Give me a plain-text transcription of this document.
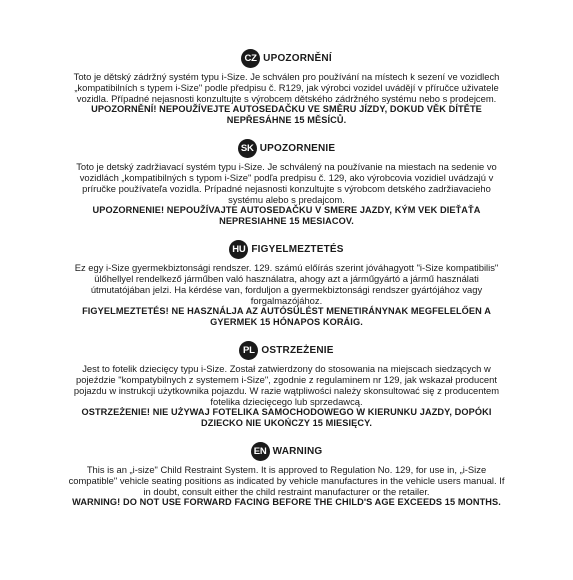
CZ UPOZORNĚNÍ
Toto je dětský zádržný systém typu i-Size. Je schválen pro používání na místech k sezení ve vozidlech „kompatibilních s typem i-Size" podle předpisu č. R129, jak výrobci vozidel uvádějí v příručce uživatele vozidla. Případné nejasnosti konzultujte s výrobcem dětského zádržného systému nebo s prodejcem.
UPOZORNĚNÍ! NEPOUŽÍVEJTE AUTOSEDAČKU VE SMĚRU JÍZDY, DOKUD VĚK DÍTĚTE NEPŘESÁHNE 15 MĚSÍCŮ.
SK UPOZORNENIE
Toto je detský zadržiavací systém typu i-Size. Je schválený na používanie na miestach na sedenie vo vozidlách „kompatibilných s typom i-Size" podľa predpisu č. 129, ako výrobcovia vozidiel uvádzajú v príručke používateľa vozidla. Prípadné nejasnosti konzultujte s výrobcom detského zadržiavacieho systému alebo s predajcom.
UPOZORNENIE! NEPOUŽÍVAJTE AUTOSEDAČKU V SMERE JAZDY, KÝM VEK DIEŤAŤA NEPRESIAHNE 15 MESIACOV.
HU FIGYELMEZTETÉS
Ez egy i-Size gyermekbiztonsági rendszer. 129. számú előírás szerint jóváhagyott "i-Size kompatibilis" ülőhellyel rendelkező járműben való használatra, ahogy azt a járműgyártó a jármű használati útmutatójában jelzi. Ha kérdése van, forduljon a gyermekbiztonsági rendszer gyártójához vagy forgalmazójához.
FIGYELMEZTETÉS! NE HASZNÁLJA AZ AUTÓSÜLÉST MENETIRÁNYNAK MEGFELELŐEN A GYERMEK 15 HÓNAPOS KORÁIG.
PL OSTRZEŻENIE
Jest to fotelik dziecięcy typu i-Size. Został zatwierdzony do stosowania na miejscach siedzących w pojeździe "kompatybilnych z systemem i-Size", zgodnie z regulaminem nr 129, jak wskazał producent pojazdu w instrukcji użytkownika pojazdu. W razie wątpliwości należy skonsultować się z producentem fotelika dziecięcego lub sprzedawcą.
OSTRZEŻENIE! NIE UŻYWAJ FOTELIKA SAMOCHODOWEGO W KIERUNKU JAZDY, DOPÓKI DZIECKO NIE UKOŃCZY 15 MIESIĘCY.
EN WARNING
This is an „i-size" Child Restraint System. It is approved to Regulation No. 129, for use in, „i-Size compatible" vehicle seating positions as indicated by vehicle manufactures in the vehicle users manual. If in doubt, consult either the child restraint manufacturer or the retailer.
WARNING! DO NOT USE FORWARD FACING BEFORE THE CHILD'S AGE EXCEEDS 15 MONTHS.
